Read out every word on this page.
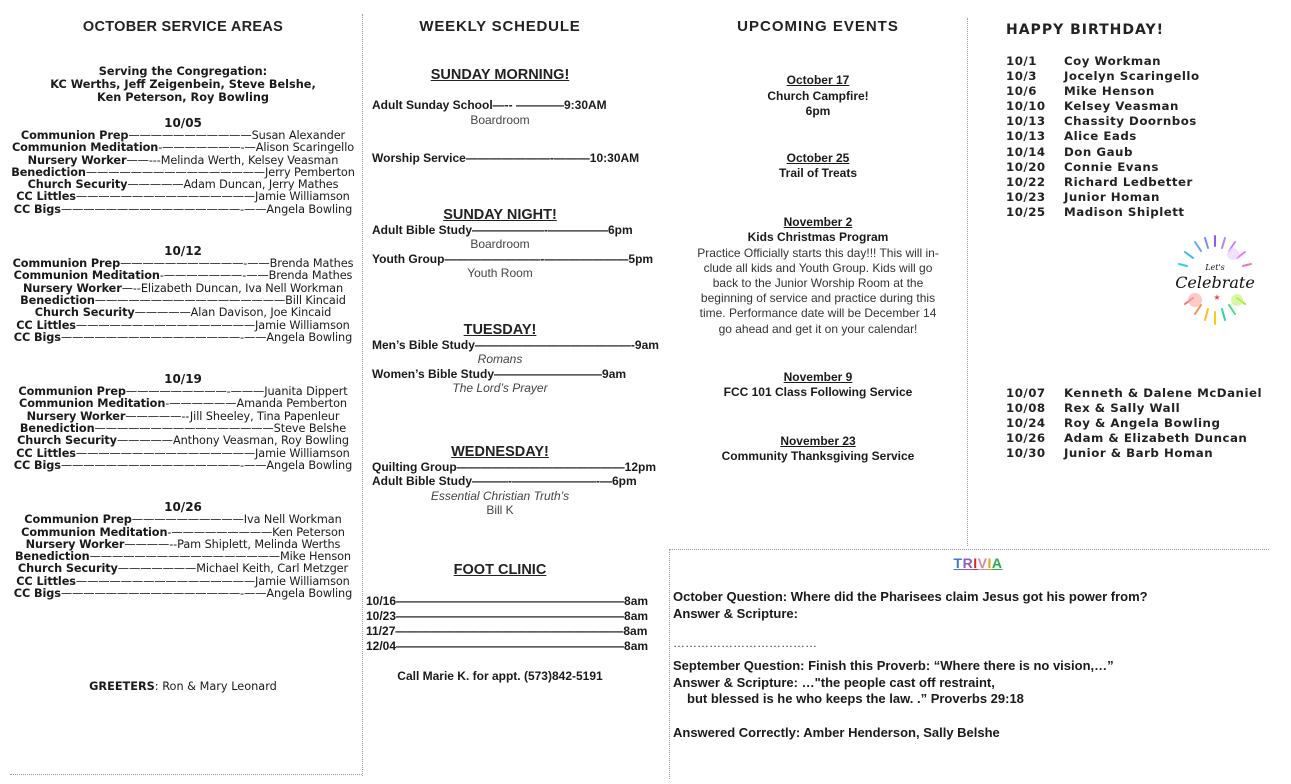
OCTOBER SERVICE AREAS
Serving the Congregation:
KC Werths, Jeff Zeigenbein, Steve Belshe,
Ken Peterson, Roy Bowling
10/05
Communion Prep———————————Susan Alexander
Communion Meditation-———————-—Alison Scaringello
Nursery Worker——---Melinda Werth, Kelsey Veasman
Benediction————————————————Jerry Pemberton
Church Security—————Adam Duncan, Jerry Mathes
CC Littles————————————————Jamie Williamson
CC Bigs————————————————-——Angela Bowling
10/12
Communion Prep———————————-——Brenda Mathes
Communion Meditation-———————-——Brenda Mathes
Nursery Worker—--Elizabeth Duncan, Iva Nell Workman
Benediction—————————————————Bill Kincaid
Church Security—————Alan Davison, Joe Kincaid
CC Littles————————————————Jamie Williamson
CC Bigs————————————————-——Angela Bowling
10/19
Communion Prep—————————-———Juanita Dippert
Communion Meditation-——————Amanda Pemberton
Nursery Worker—————--Jill Sheeley, Tina Papenleur
Benediction————————————————Steve Belshe
Church Security—————Anthony Veasman, Roy Bowling
CC Littles————————————————Jamie Williamson
CC Bigs————————————————-——Angela Bowling
10/26
Communion Prep——————————Iva Nell Workman
Communion Meditation-—————————Ken Peterson
Nursery Worker————--Pam Shiplett, Melinda Werths
Benediction—————————————————Mike Henson
Church Security———————Michael Keith, Carl Metzger
CC Littles————————————————Jamie Williamson
CC Bigs————————————————-——Angela Bowling
GREETERS: Ron & Mary Leonard
WEEKLY SCHEDULE
SUNDAY MORNING!
Adult Sunday School—-- ————9:30AM
Boardroom
Worship Service———————-———10:30AM
SUNDAY NIGHT!
Adult Bible Study——————-—————6pm
Boardroom
Youth Group————————-———————5pm
Youth Room
TUESDAY!
Men’s Bible Study—————————————-9am
Romans
Women’s Bible Study—————————9am
The Lord’s Prayer
WEDNESDAY!
Quilting Group——————————————12pm
Adult Bible Study———-———————-—6pm
Essential Christian Truth’s
Bill K
FOOT CLINIC
10/16———————————————————8am
10/23———————————————————8am
11/27———————————————————8am
12/04———————————————————8am
Call Marie K. for appt. (573)842-5191
UPCOMING EVENTS
October 17
Church Campfire!
6pm
October 25
Trail of Treats
November 2
Kids Christmas Program
Practice Officially starts this day!!! This will in-
clude all kids and Youth Group. Kids will go
back to the Junior Worship Room at the
beginning of service and practice during this
time. Performance date will be December 14
go ahead and get it on your calendar!
November 9
FCC 101 Class Following Service
November 23
Community Thanksgiving Service
HAPPY BIRTHDAY!
10/1 Coy Workman
10/3 Jocelyn Scaringello
10/6 Mike Henson
10/10 Kelsey Veasman
10/13 Chassity Doornbos
10/13 Alice Eads
10/14 Don Gaub
10/20 Connie Evans
10/22 Richard Ledbetter
10/23 Junior Homan
10/25 Madison Shiplett
10/07 Kenneth & Dalene McDaniel
10/08 Rex & Sally Wall
10/24 Roy & Angela Bowling
10/26 Adam & Elizabeth Duncan
10/30 Junior & Barb Homan
Let's
Celebrate
★
TRIVIA
October Question: Where did the Pharisees claim Jesus got his power from?
Answer & Scripture:
………………………………
September Question: Finish this Proverb: “Where there is no vision,…”
Answer & Scripture: …"the people cast off restraint,
but blessed is he who keeps the law. .” Proverbs 29:18
Answered Correctly: Amber Henderson, Sally Belshe
